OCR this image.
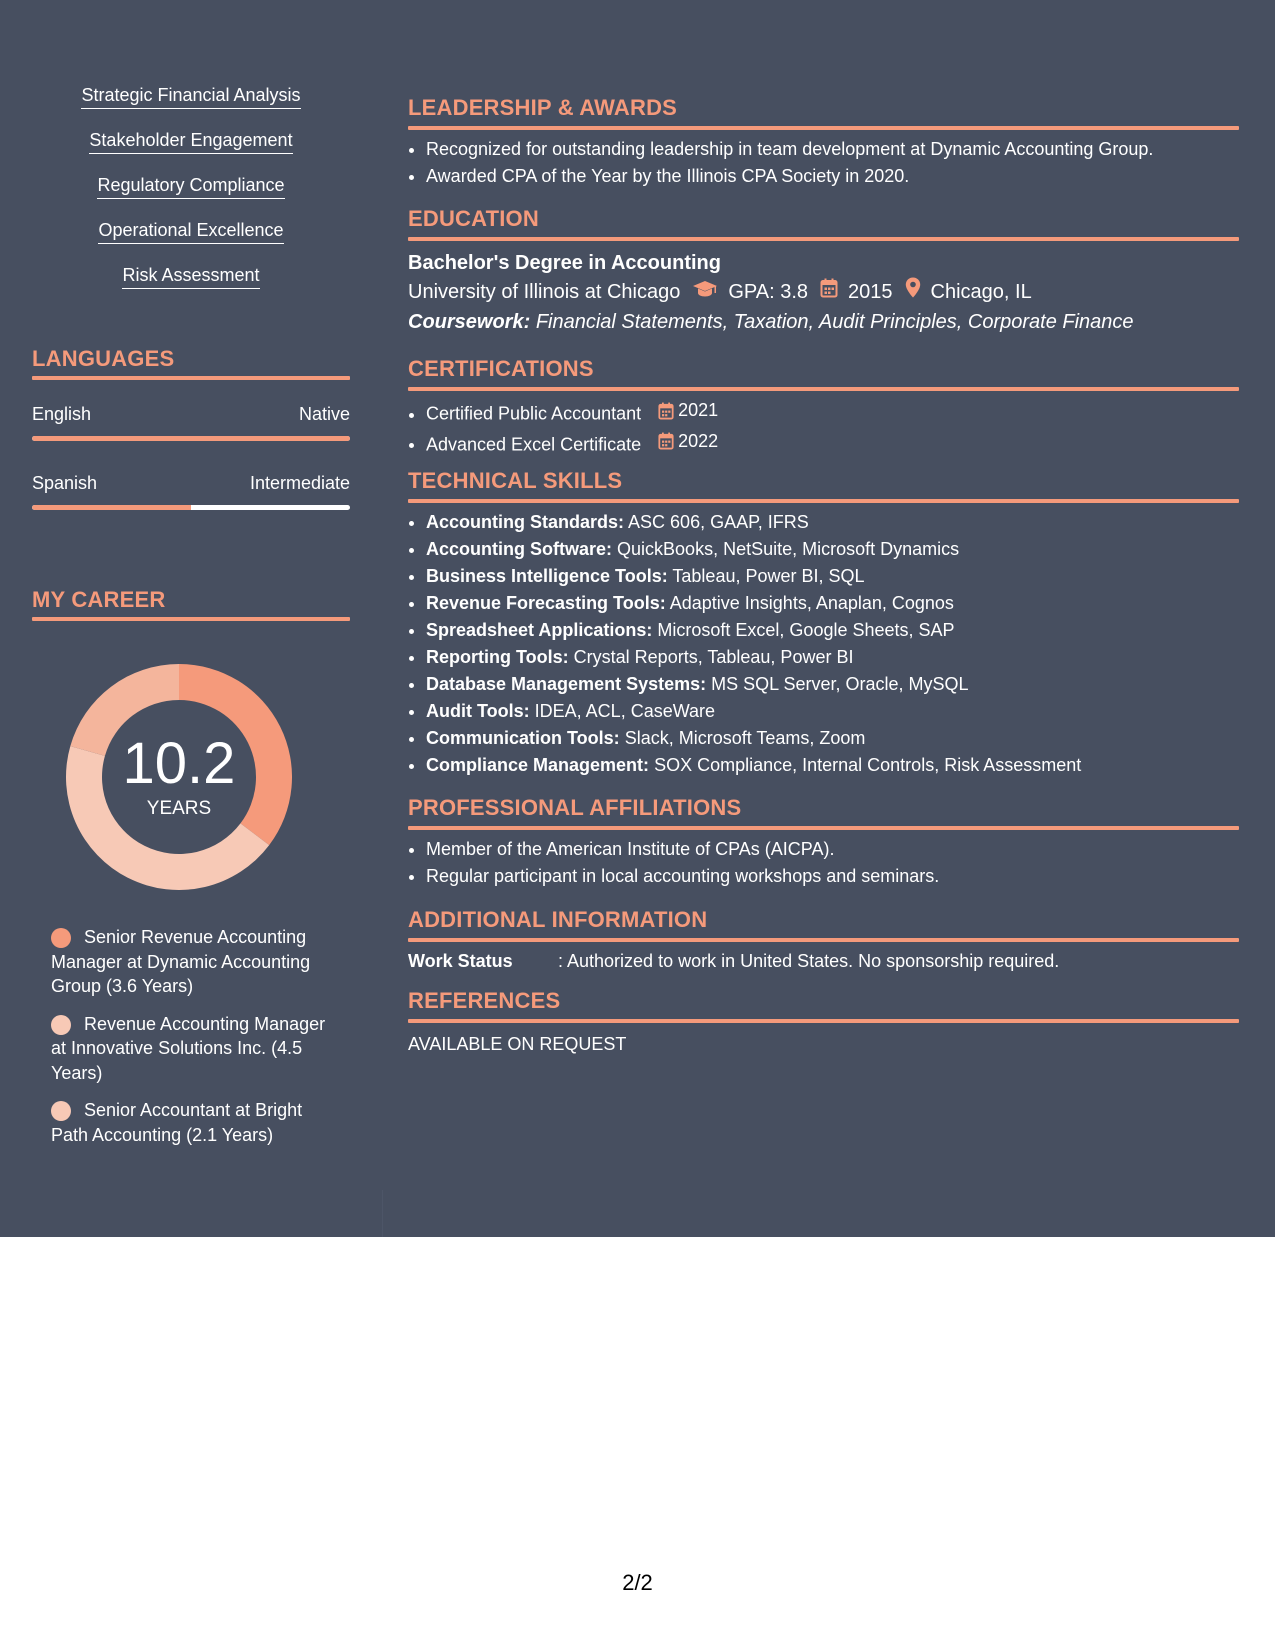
Strategic Financial Analysis
Stakeholder Engagement
Regulatory Compliance
Operational Excellence
Risk Assessment
LANGUAGES
English	Native
Spanish	Intermediate
MY CAREER
10.2
YEARS
Senior Revenue Accounting Manager at Dynamic Accounting Group (3.6 Years)
Revenue Accounting Manager at Innovative Solutions Inc. (4.5 Years)
Senior Accountant at Bright Path Accounting (2.1 Years)
LEADERSHIP & AWARDS
• Recognized for outstanding leadership in team development at Dynamic Accounting Group.
• Awarded CPA of the Year by the Illinois CPA Society in 2020.
EDUCATION
Bachelor's Degree in Accounting
University of Illinois at Chicago GPA: 3.8 2015 Chicago, IL
Coursework: Financial Statements, Taxation, Audit Principles, Corporate Finance
CERTIFICATIONS
• Certified Public Accountant 2021
• Advanced Excel Certificate 2022
TECHNICAL SKILLS
• Accounting Standards: ASC 606, GAAP, IFRS
• Accounting Software: QuickBooks, NetSuite, Microsoft Dynamics
• Business Intelligence Tools: Tableau, Power BI, SQL
• Revenue Forecasting Tools: Adaptive Insights, Anaplan, Cognos
• Spreadsheet Applications: Microsoft Excel, Google Sheets, SAP
• Reporting Tools: Crystal Reports, Tableau, Power BI
• Database Management Systems: MS SQL Server, Oracle, MySQL
• Audit Tools: IDEA, ACL, CaseWare
• Communication Tools: Slack, Microsoft Teams, Zoom
• Compliance Management: SOX Compliance, Internal Controls, Risk Assessment
PROFESSIONAL AFFILIATIONS
• Member of the American Institute of CPAs (AICPA).
• Regular participant in local accounting workshops and seminars.
ADDITIONAL INFORMATION
Work Status	: Authorized to work in United States. No sponsorship required.
REFERENCES
AVAILABLE ON REQUEST
2/2
